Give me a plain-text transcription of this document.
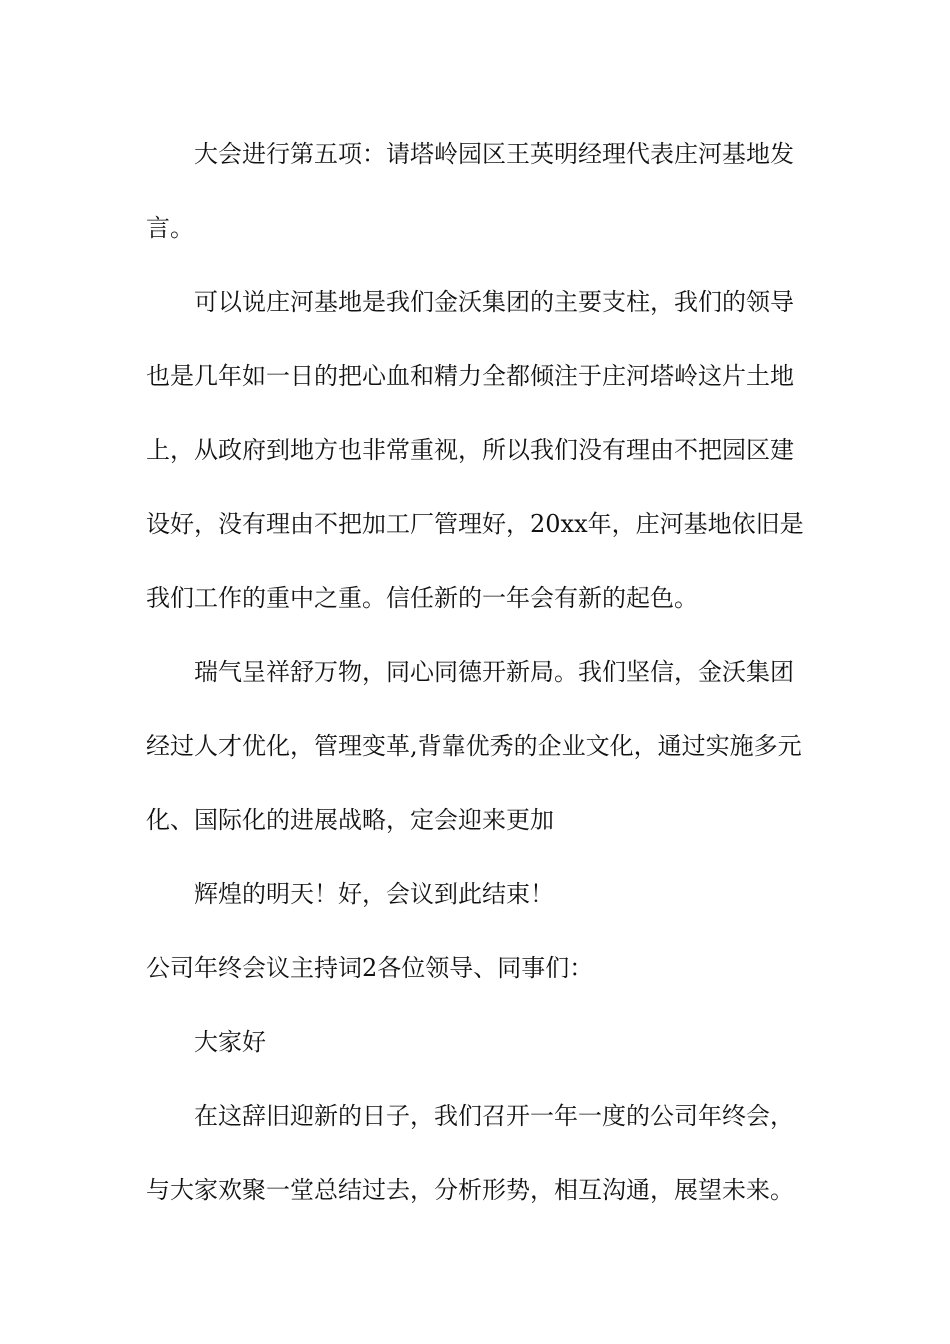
大会进行第五项：请塔岭园区王英明经理代表庄河基地发
言。
可以说庄河基地是我们金沃集团的主要支柱，我们的领导
也是几年如一日的把心血和精力全都倾注于庄河塔岭这片土地
上，从政府到地方也非常重视，所以我们没有理由不把园区建
设好，没有理由不把加工厂管理好，20xx年，庄河基地依旧是
我们工作的重中之重。信任新的一年会有新的起色。
瑞气呈祥舒万物，同心同德开新局。我们坚信，金沃集团
经过人才优化，管理变革,背靠优秀的企业文化，通过实施多元
化、国际化的进展战略，定会迎来更加
辉煌的明天！好，会议到此结束！
公司年终会议主持词2各位领导、同事们：
大家好
在这辞旧迎新的日子，我们召开一年一度的公司年终会，
与大家欢聚一堂总结过去，分析形势，相互沟通，展望未来。
